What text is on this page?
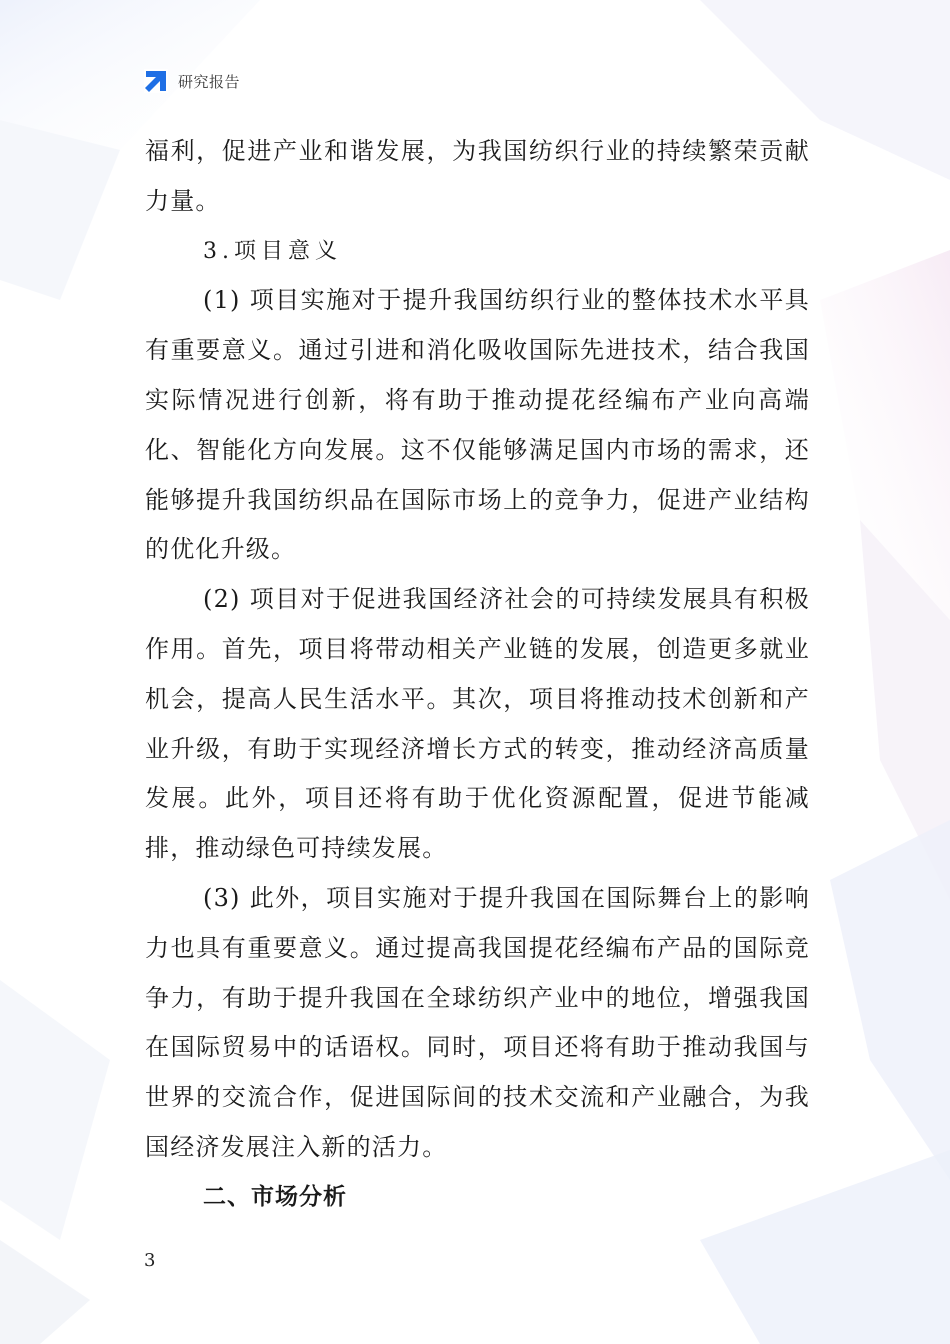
研究报告

福利，促进产业和谐发展，为我国纺织行业的持续繁荣贡献力量。

3.项目意义

(1) 项目实施对于提升我国纺织行业的整体技术水平具有重要意义。通过引进和消化吸收国际先进技术，结合我国实际情况进行创新，将有助于推动提花经编布产业向高端化、智能化方向发展。这不仅能够满足国内市场的需求，还能够提升我国纺织品在国际市场上的竞争力，促进产业结构的优化升级。

(2) 项目对于促进我国经济社会的可持续发展具有积极作用。首先，项目将带动相关产业链的发展，创造更多就业机会，提高人民生活水平。其次，项目将推动技术创新和产业升级，有助于实现经济增长方式的转变，推动经济高质量发展。此外，项目还将有助于优化资源配置，促进节能减排，推动绿色可持续发展。

(3) 此外，项目实施对于提升我国在国际舞台上的影响力也具有重要意义。通过提高我国提花经编布产品的国际竞争力，有助于提升我国在全球纺织产业中的地位，增强我国在国际贸易中的话语权。同时，项目还将有助于推动我国与世界的交流合作，促进国际间的技术交流和产业融合，为我国经济发展注入新的活力。

二、市场分析

3
